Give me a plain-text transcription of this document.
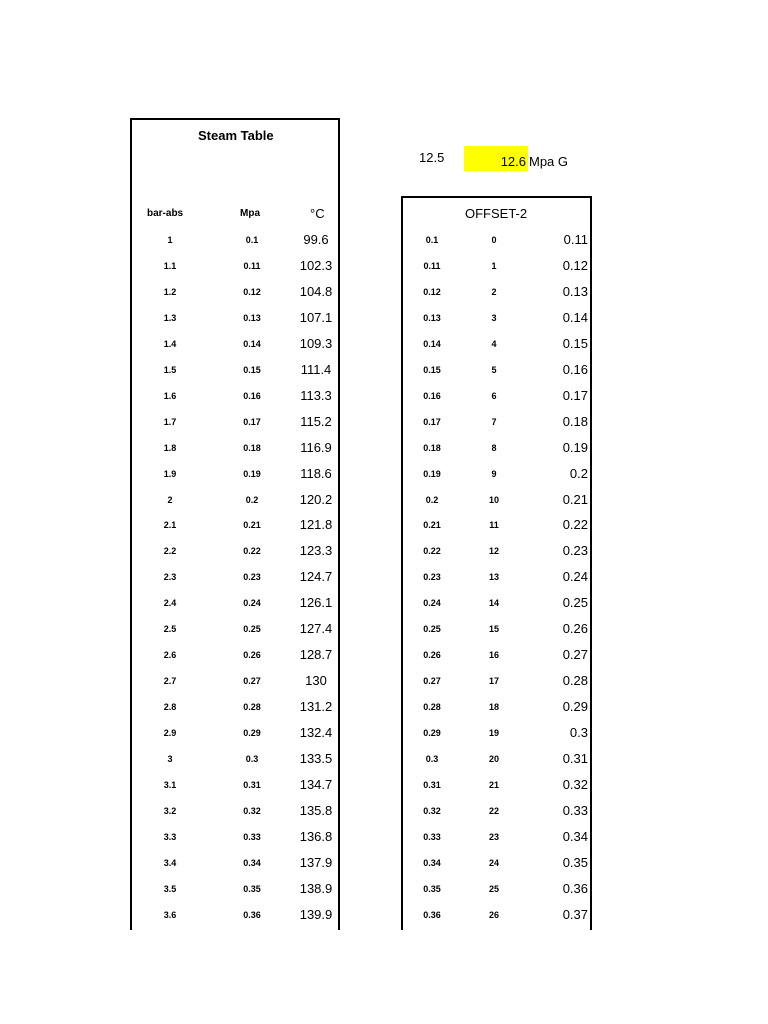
Steam Table
bar-abs	Mpa	°C
12.5	12.6 Mpa G
OFFSET-2
1	0.1	99.6
1.1	0.11	102.3
1.2	0.12	104.8
1.3	0.13	107.1
1.4	0.14	109.3
1.5	0.15	111.4
1.6	0.16	113.3
1.7	0.17	115.2
1.8	0.18	116.9
1.9	0.19	118.6
2	0.2	120.2
2.1	0.21	121.8
2.2	0.22	123.3
2.3	0.23	124.7
2.4	0.24	126.1
2.5	0.25	127.4
2.6	0.26	128.7
2.7	0.27	130
2.8	0.28	131.2
2.9	0.29	132.4
3	0.3	133.5
3.1	0.31	134.7
3.2	0.32	135.8
3.3	0.33	136.8
3.4	0.34	137.9
3.5	0.35	138.9
3.6	0.36	139.9
0.1	0	0.11
0.11	1	0.12
0.12	2	0.13
0.13	3	0.14
0.14	4	0.15
0.15	5	0.16
0.16	6	0.17
0.17	7	0.18
0.18	8	0.19
0.19	9	0.2
0.2	10	0.21
0.21	11	0.22
0.22	12	0.23
0.23	13	0.24
0.24	14	0.25
0.25	15	0.26
0.26	16	0.27
0.27	17	0.28
0.28	18	0.29
0.29	19	0.3
0.3	20	0.31
0.31	21	0.32
0.32	22	0.33
0.33	23	0.34
0.34	24	0.35
0.35	25	0.36
0.36	26	0.37
